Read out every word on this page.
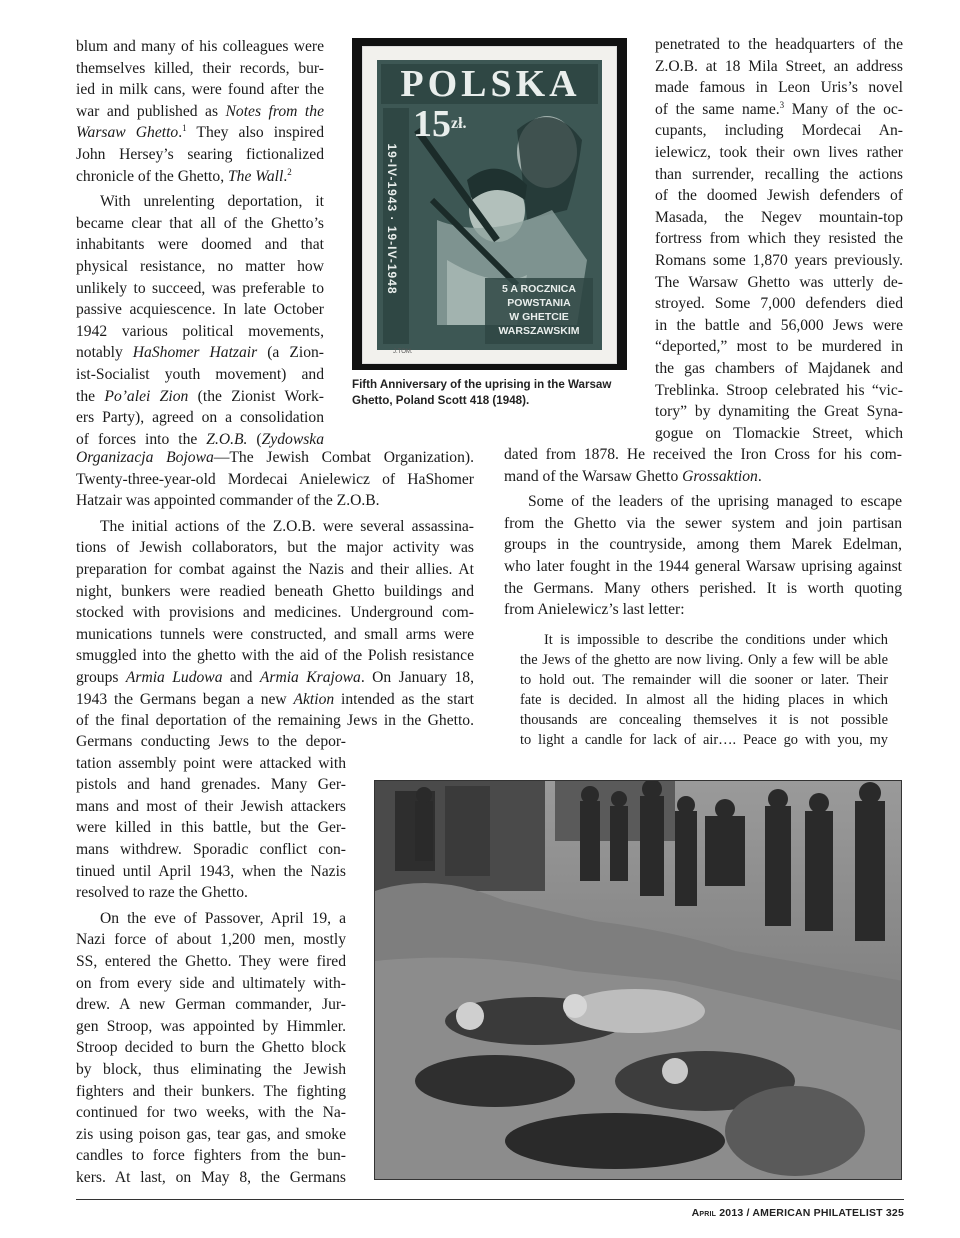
blum and many of his colleagues were
themselves killed, their records, bur-
ied in milk cans, were found after the
war and published as Notes from the
Warsaw Ghetto.$^1$ They also inspired
John Hersey’s searing fictionalized
chronicle of the Ghetto, The Wall.$^2$
With unrelenting deportation, it
became clear that all of the Ghetto’s
inhabitants were doomed and that
physical resistance, no matter how
unlikely to succeed, was preferable to
passive acquiescence. In late October
1942 various political movements,
notably HaShomer Hatzair (a Zion-
ist-Socialist youth movement) and
the Po’alei Zion (the Zionist Work-
ers Party), agreed on a consolidation
of forces into the Z.O.B. (Zydowska
Organizacja Bojowa—The Jewish Combat Organization).
Twenty-three-year-old Mordecai Anielewicz of HaShomer
Hatzair was appointed commander of the Z.O.B.
The initial actions of the Z.O.B. were several assassina-
tions of Jewish collaborators, but the major activity was
preparation for combat against the Nazis and their allies. At
night, bunkers were readied beneath Ghetto buildings and
stocked with provisions and medicines. Underground com-
munications tunnels were constructed, and small arms were
smuggled into the ghetto with the aid of the Polish resistance
groups Armia Ludowa and Armia Krajowa. On January 18,
1943 the Germans began a new Aktion intended as the start
of the final deportation of the remaining Jews in the Ghetto.
Germans conducting Jews to the depor-
tation assembly point were attacked with
pistols and hand grenades. Many Ger-
mans and most of their Jewish attackers
were killed in this battle, but the Ger-
mans withdrew. Sporadic conflict con-
tinued until April 1943, when the Nazis
resolved to raze the Ghetto.
On the eve of Passover, April 19, a
Nazi force of about 1,200 men, mostly
SS, entered the Ghetto. They were fired
on from every side and ultimately with-
drew. A new German commander, Jur-
gen Stroop, was appointed by Himmler.
Stroop decided to burn the Ghetto block
by block, thus eliminating the Jewish
fighters and their bunkers. The fighting
continued for two weeks, with the Na-
zis using poison gas, tear gas, and smoke
candles to force fighters from the bun-
kers. At last, on May 8, the Germans
penetrated to the headquarters of the
Z.O.B. at 18 Mila Street, an address
made famous in Leon Uris’s novel
of the same name.$^3$ Many of the oc-
cupants, including Mordecai An-
ielewicz, took their own lives rather
than surrender, recalling the actions
of the doomed Jewish defenders of
Masada, the Negev mountain-top
fortress from which they resisted the
Romans some 1,870 years previously.
The Warsaw Ghetto was utterly de-
stroyed. Some 7,000 defenders died
in the battle and 56,000 Jews were
“deported,” most to be murdered in
the gas chambers of Majdanek and
Treblinka. Stroop celebrated his “vic-
tory” by dynamiting the Great Syna-
gogue on Tlomackie Street, which
dated from 1878. He received the Iron Cross for his com-
mand of the Warsaw Ghetto Grossaktion.
Some of the leaders of the uprising managed to escape
from the Ghetto via the sewer system and join partisan
groups in the countryside, among them Marek Edelman,
who later fought in the 1944 general Warsaw uprising against
the Germans. Many others perished. It is worth quoting
from Anielewicz’s last letter:
It is impossible to describe the conditions under which
the Jews of the ghetto are now living. Only a few will be able
to hold out. The remainder will die sooner or later. Their
fate is decided. In almost all the hiding places in which
thousands are concealing themselves it is not possible
to light a candle for lack of air…. Peace go with you, my
POLSKA
$15^{zł.}$
19-IV-1943 · 19-IV-1948	5 A ROCZNICA
POWSTANIA
W GHETCIE
WARSZAWSKIM
J.TOM.
Fifth Anniversary of the uprising in the Warsaw
Ghetto, Poland Scott 418 (1948).
April 2013 / AMERICAN PHILATELIST 325
